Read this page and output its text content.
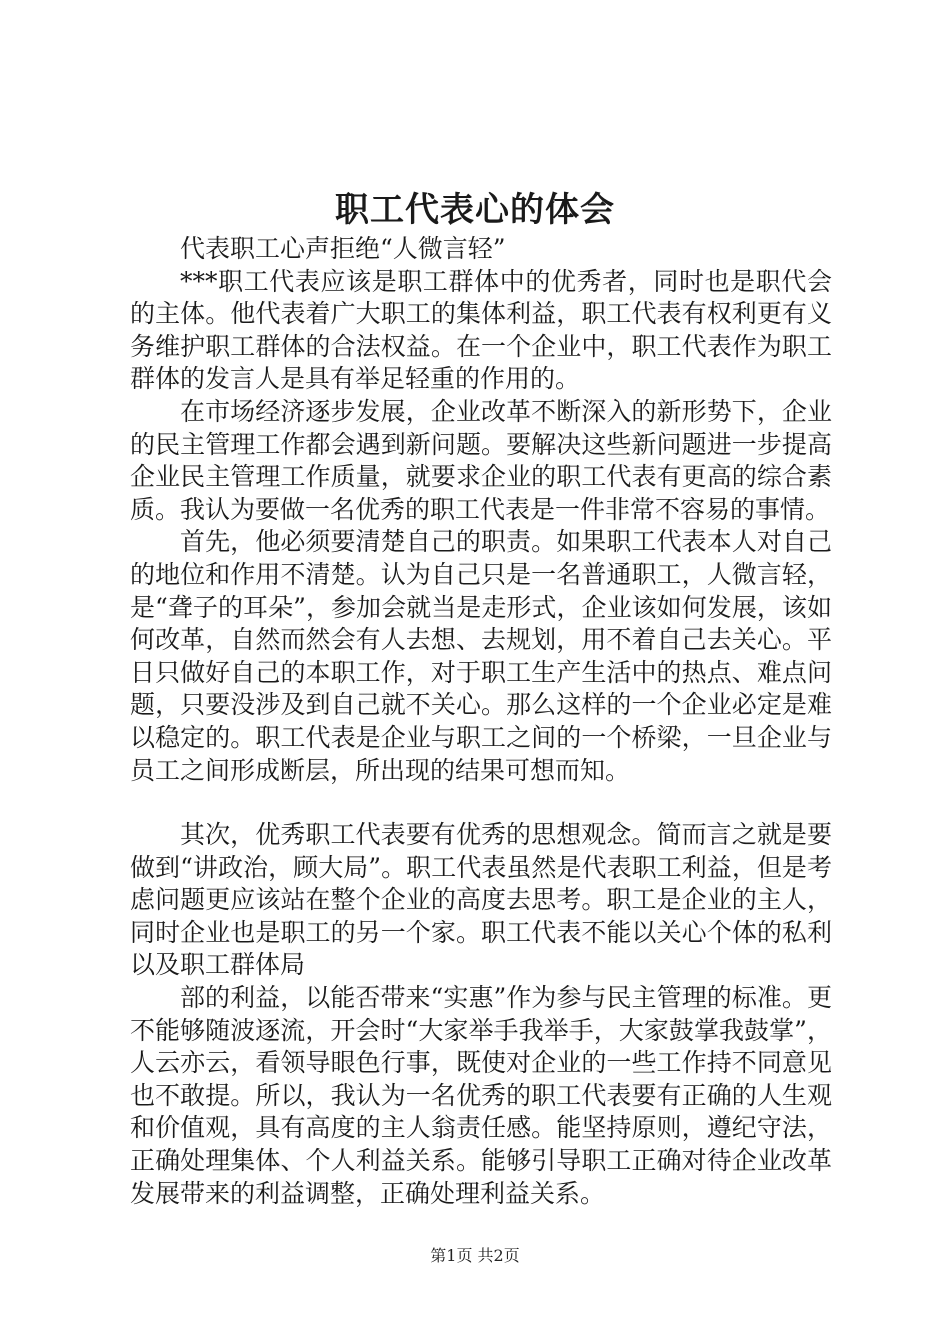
职工代表心的体会

代表职工心声拒绝“人微言轻”

***职工代表应该是职工群体中的优秀者，同时也是职代会的主体。他代表着广大职工的集体利益，职工代表有权利更有义务维护职工群体的合法权益。在一个企业中，职工代表作为职工群体的发言人是具有举足轻重的作用的。

在市场经济逐步发展，企业改革不断深入的新形势下，企业的民主管理工作都会遇到新问题。要解决这些新问题进一步提高企业民主管理工作质量，就要求企业的职工代表有更高的综合素质。我认为要做一名优秀的职工代表是一件非常不容易的事情。

首先，他必须要清楚自己的职责。如果职工代表本人对自己的地位和作用不清楚。认为自己只是一名普通职工，人微言轻，是“聋子的耳朵”，参加会就当是走形式，企业该如何发展，该如何改革，自然而然会有人去想、去规划，用不着自己去关心。平日只做好自己的本职工作，对于职工生产生活中的热点、难点问题，只要没涉及到自己就不关心。那么这样的一个企业必定是难以稳定的。职工代表是企业与职工之间的一个桥梁，一旦企业与员工之间形成断层，所出现的结果可想而知。

其次，优秀职工代表要有优秀的思想观念。简而言之就是要做到“讲政治，顾大局”。职工代表虽然是代表职工利益，但是考虑问题更应该站在整个企业的高度去思考。职工是企业的主人，同时企业也是职工的另一个家。职工代表不能以关心个体的私利以及职工群体局

部的利益，以能否带来“实惠”作为参与民主管理的标准。更不能够随波逐流，开会时“大家举手我举手，大家鼓掌我鼓掌”，人云亦云，看领导眼色行事，既使对企业的一些工作持不同意见也不敢提。所以，我认为一名优秀的职工代表要有正确的人生观和价值观，具有高度的主人翁责任感。能坚持原则，遵纪守法，正确处理集体、个人利益关系。能够引导职工正确对待企业改革发展带来的利益调整，正确处理利益关系。

第1页 共2页
